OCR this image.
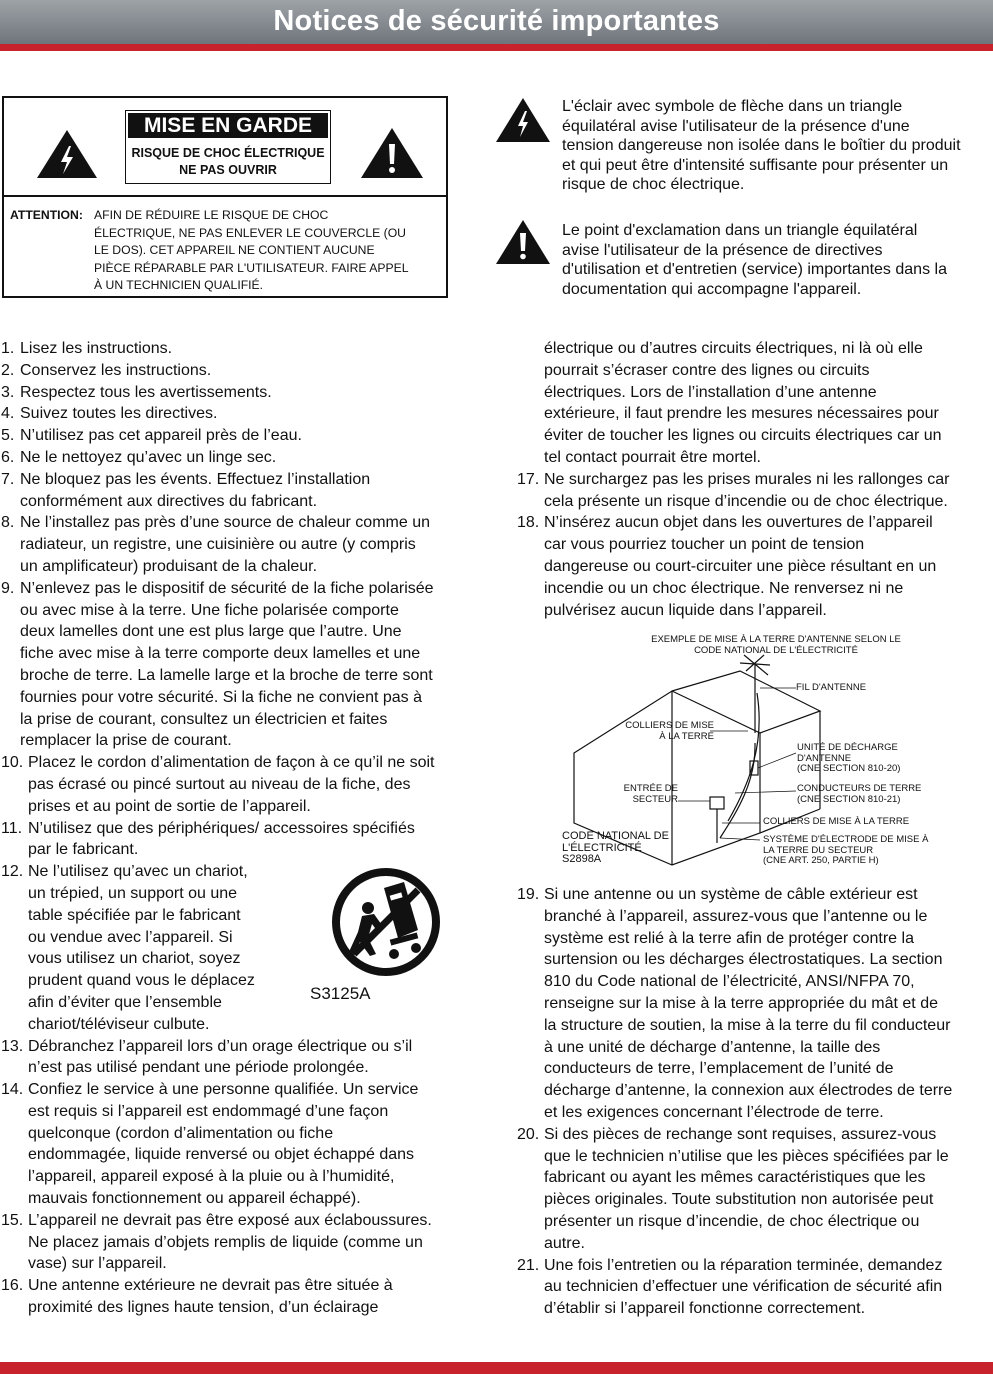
Notices de sécurité importantes
MISE EN GARDE
RISQUE DE CHOC ÉLECTRIQUE
NE PAS OUVRIR
ATTENTION: AFIN DE RÉDUIRE LE RISQUE DE CHOC
ÉLECTRIQUE, NE PAS ENLEVER LE COUVERCLE (OU
LE DOS). CET APPAREIL NE CONTIENT AUCUNE
PIÈCE RÉPARABLE PAR L'UTILISATEUR. FAIRE APPEL
À UN TECHNICIEN QUALIFIÉ.
L'éclair avec symbole de flèche dans un triangle
équilatéral avise l'utilisateur de la présence d'une
tension dangereuse non isolée dans le boîtier du produit
et qui peut être d'intensité suffisante pour présenter un
risque de choc électrique.
Le point d'exclamation dans un triangle équilatéral
avise l'utilisateur de la présence de directives
d'utilisation et d'entretien (service) importantes dans la
documentation qui accompagne l'appareil.
1. Lisez les instructions.
2. Conservez les instructions.
3. Respectez tous les avertissements.
4. Suivez toutes les directives.
5. N’utilisez pas cet appareil près de l’eau.
6. Ne le nettoyez qu’avec un linge sec.
7. Ne bloquez pas les évents. Effectuez l’installation
conformément aux directives du fabricant.
8. Ne l’installez pas près d’une source de chaleur comme un
radiateur, un registre, une cuisinière ou autre (y compris
un amplificateur) produisant de la chaleur.
9. N’enlevez pas le dispositif de sécurité de la fiche polarisée
ou avec mise à la terre. Une fiche polarisée comporte
deux lamelles dont une est plus large que l’autre. Une
fiche avec mise à la terre comporte deux lamelles et une
broche de terre. La lamelle large et la broche de terre sont
fournies pour votre sécurité. Si la fiche ne convient pas à
la prise de courant, consultez un électricien et faites
remplacer la prise de courant.
10. Placez le cordon d’alimentation de façon à ce qu’il ne soit
pas écrasé ou pincé surtout au niveau de la fiche, des
prises et au point de sortie de l’appareil.
11. N’utilisez que des périphériques/ accessoires spécifiés
par le fabricant.
12. Ne l’utilisez qu’avec un chariot,
un trépied, un support ou une
table spécifiée par le fabricant
ou vendue avec l’appareil. Si
vous utilisez un chariot, soyez
prudent quand vous le déplacez
afin d’éviter que l’ensemble
chariot/téléviseur culbute.
13. Débranchez l’appareil lors d’un orage électrique ou s’il
n’est pas utilisé pendant une période prolongée.
14. Confiez le service à une personne qualifiée. Un service
est requis si l’appareil est endommagé d’une façon
quelconque (cordon d’alimentation ou fiche
endommagée, liquide renversé ou objet échappé dans
l’appareil, appareil exposé à la pluie ou à l’humidité,
mauvais fonctionnement ou appareil échappé).
15. L’appareil ne devrait pas être exposé aux éclaboussures.
Ne placez jamais d’objets remplis de liquide (comme un
vase) sur l’appareil.
16. Une antenne extérieure ne devrait pas être située à
proximité des lignes haute tension, d’un éclairage
S3125A
électrique ou d’autres circuits électriques, ni là où elle
pourrait s’écraser contre des lignes ou circuits
électriques. Lors de l’installation d’une antenne
extérieure, il faut prendre les mesures nécessaires pour
éviter de toucher les lignes ou circuits électriques car un
tel contact pourrait être mortel.
17. Ne surchargez pas les prises murales ni les rallonges car
cela présente un risque d’incendie ou de choc électrique.
18. N’insérez aucun objet dans les ouvertures de l’appareil
car vous pourriez toucher un point de tension
dangereuse ou court-circuiter une pièce résultant en un
incendie ou un choc électrique. Ne renversez ni ne
pulvérisez aucun liquide dans l’appareil.
EXEMPLE DE MISE À LA TERRE D'ANTENNE SELON LE
CODE NATIONAL DE L'ÉLECTRICITÉ
FIL D'ANTENNE
COLLIERS DE MISE
À LA TERRE
UNITÉ DE DÉCHARGE
D'ANTENNE
(CNE SECTION 810-20)
ENTRÉE DE
SECTEUR
CONDUCTEURS DE TERRE
(CNE SECTION 810-21)
COLLIERS DE MISE À LA TERRE
SYSTÈME D'ÉLECTRODE DE MISE À
LA TERRE DU SECTEUR
(CNE ART. 250, PARTIE H)
CODE NATIONAL DE
L'ÉLECTRICITÉ
S2898A
19. Si une antenne ou un système de câble extérieur est
branché à l’appareil, assurez-vous que l’antenne ou le
système est relié à la terre afin de protéger contre la
surtension ou les décharges électrostatiques. La section
810 du Code national de l’électricité, ANSI/NFPA 70,
renseigne sur la mise à la terre appropriée du mât et de
la structure de soutien, la mise à la terre du fil conducteur
à une unité de décharge d’antenne, la taille des
conducteurs de terre, l’emplacement de l’unité de
décharge d’antenne, la connexion aux électrodes de terre
et les exigences concernant l’électrode de terre.
20. Si des pièces de rechange sont requises, assurez-vous
que le technicien n’utilise que les pièces spécifiées par le
fabricant ou ayant les mêmes caractéristiques que les
pièces originales. Toute substitution non autorisée peut
présenter un risque d’incendie, de choc électrique ou
autre.
21. Une fois l’entretien ou la réparation terminée, demandez
au technicien d’effectuer une vérification de sécurité afin
d’établir si l’appareil fonctionne correctement.
